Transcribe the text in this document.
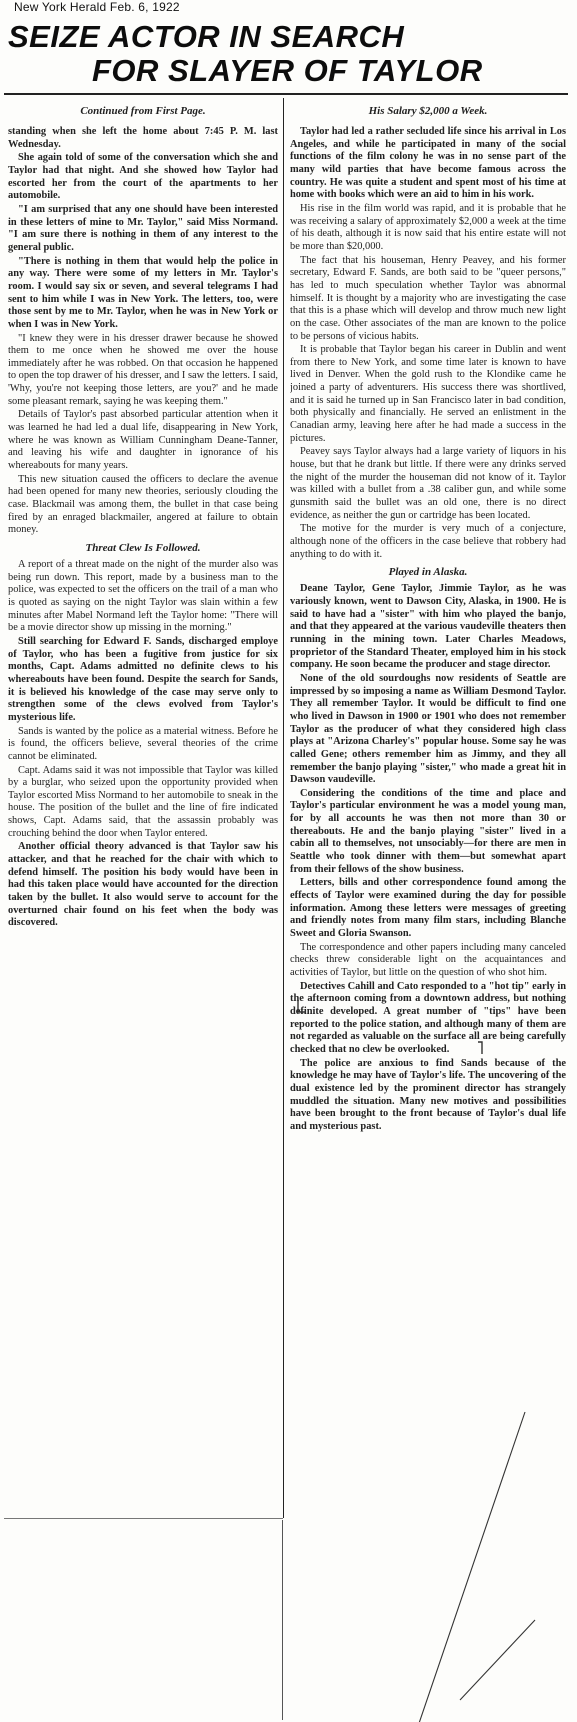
New York Herald Feb. 6, 1922
SEIZE ACTOR IN SEARCH
FOR SLAYER OF TAYLOR
Continued from First Page.

standing when she left the home about 7:45 P. M. last Wednesday.

She again told of some of the conversation which she and Taylor had that night. And she showed how Taylor had escorted her from the court of the apartments to her automobile.

"I am surprised that any one should have been interested in these letters of mine to Mr. Taylor," said Miss Normand. "I am sure there is nothing in them of any interest to the general public.

"There is nothing in them that would help the police in any way. There were some of my letters in Mr. Taylor's room. I would say six or seven, and several telegrams I had sent to him while I was in New York. The letters, too, were those sent by me to Mr. Taylor, when he was in New York or when I was in New York.

"I knew they were in his dresser drawer because he showed them to me once when he showed me over the house immediately after he was robbed. On that occasion he happened to open the top drawer of his dresser, and I saw the letters. I said, 'Why, you're not keeping those letters, are you?' and he made some pleasant remark, saying he was keeping them."

Details of Taylor's past absorbed particular attention when it was learned he had led a dual life, disappearing in New York, where he was known as William Cunningham Deane-Tanner, and leaving his wife and daughter in ignorance of his whereabouts for many years.

This new situation caused the officers to declare the avenue had been opened for many new theories, seriously clouding the case. Blackmail was among them, the bullet in that case being fired by an enraged blackmailer, angered at failure to obtain money.

Threat Clew Is Followed.

A report of a threat made on the night of the murder also was being run down. This report, made by a business man to the police, was expected to set the officers on the trail of a man who is quoted as saying on the night Taylor was slain within a few minutes after Mabel Normand left the Taylor home: "There will be a movie director show up missing in the morning."

Still searching for Edward F. Sands, discharged employe of Taylor, who has been a fugitive from justice for six months, Capt. Adams admitted no definite clews to his whereabouts have been found. Despite the search for Sands, it is believed his knowledge of the case may serve only to strengthen some of the clews evolved from Taylor's mysterious life.

Sands is wanted by the police as a material witness. Before he is found, the officers believe, several theories of the crime cannot be eliminated.

Capt. Adams said it was not impossible that Taylor was killed by a burglar, who seized upon the opportunity provided when Taylor escorted Miss Normand to her automobile to sneak in the house. The position of the bullet and the line of fire indicated shows, Capt. Adams said, that the assassin probably was crouching behind the door when Taylor entered.

Another official theory advanced is that Taylor saw his attacker, and that he reached for the chair with which to defend himself. The position his body would have been in had this taken place would have accounted for the direction taken by the bullet. It also would serve to account for the overturned chair found on his feet when the body was discovered.

His Salary $2,000 a Week.

Taylor had led a rather secluded life since his arrival in Los Angeles, and while he participated in many of the social functions of the film colony he was in no sense part of the many wild parties that have become famous across the country. He was quite a student and spent most of his time at home with books which were an aid to him in his work.

His rise in the film world was rapid, and it is probable that he was receiving a salary of approximately $2,000 a week at the time of his death, although it is now said that his entire estate will not be more than $20,000.

The fact that his houseman, Henry Peavey, and his former secretary, Edward F. Sands, are both said to be "queer persons," has led to much speculation whether Taylor was abnormal himself. It is thought by a majority who are investigating the case that this is a phase which will develop and throw much new light on the case. Other associates of the man are known to the police to be persons of vicious habits.

It is probable that Taylor began his career in Dublin and went from there to New York, and some time later is known to have lived in Denver. When the gold rush to the Klondike came he joined a party of adventurers. His success there was shortlived, and it is said he turned up in San Francisco later in bad condition, both physically and financially. He served an enlistment in the Canadian army, leaving here after he had made a success in the pictures.

Peavey says Taylor always had a large variety of liquors in his house, but that he drank but little. If there were any drinks served the night of the murder the houseman did not know of it. Taylor was killed with a bullet from a .38 caliber gun, and while some gunsmith said the bullet was an old one, there is no direct evidence, as neither the gun or cartridge has been located.

The motive for the murder is very much of a conjecture, although none of the officers in the case believe that robbery had anything to do with it.

Played in Alaska.

Deane Taylor, Gene Taylor, Jimmie Taylor, as he was variously known, went to Dawson City, Alaska, in 1900. He is said to have had a "sister" with him who played the banjo, and that they appeared at the various vaudeville theaters then running in the mining town. Later Charles Meadows, proprietor of the Standard Theater, employed him in his stock company. He soon became the producer and stage director.

None of the old sourdoughs now residents of Seattle are impressed by so imposing a name as William Desmond Taylor. They all remember Taylor. It would be difficult to find one who lived in Dawson in 1900 or 1901 who does not remember Taylor as the producer of what they considered high class plays at "Arizona Charley's" popular house. Some say he was called Gene; others remember him as Jimmy, and they all remember the banjo playing "sister," who made a great hit in Dawson vaudeville.

Considering the conditions of the time and place and Taylor's particular environment he was a model young man, for by all accounts he was then not more than 30 or thereabouts. He and the banjo playing "sister" lived in a cabin all to themselves, not unsociably—for there are men in Seattle who took dinner with them—but somewhat apart from their fellows of the show business.

Letters, bills and other correspondence found among the effects of Taylor were examined during the day for possible information. Among these letters were messages of greeting and friendly notes from many film stars, including Blanche Sweet and Gloria Swanson.

The correspondence and other papers including many canceled checks threw considerable light on the acquaintances and activities of Taylor, but little on the question of who shot him.

Detectives Cahill and Cato responded to a "hot tip" early in the afternoon coming from a downtown address, but nothing definite developed. A great number of "tips" have been reported to the police station, and although many of them are not regarded as valuable on the surface all are being carefully checked that no clew be overlooked.

The police are anxious to find Sands because of the knowledge he may have of Taylor's life. The uncovering of the dual existence led by the prominent director has strangely muddled the situation. Many new motives and possibilities have been brought to the front because of Taylor's dual life and mysterious past.
